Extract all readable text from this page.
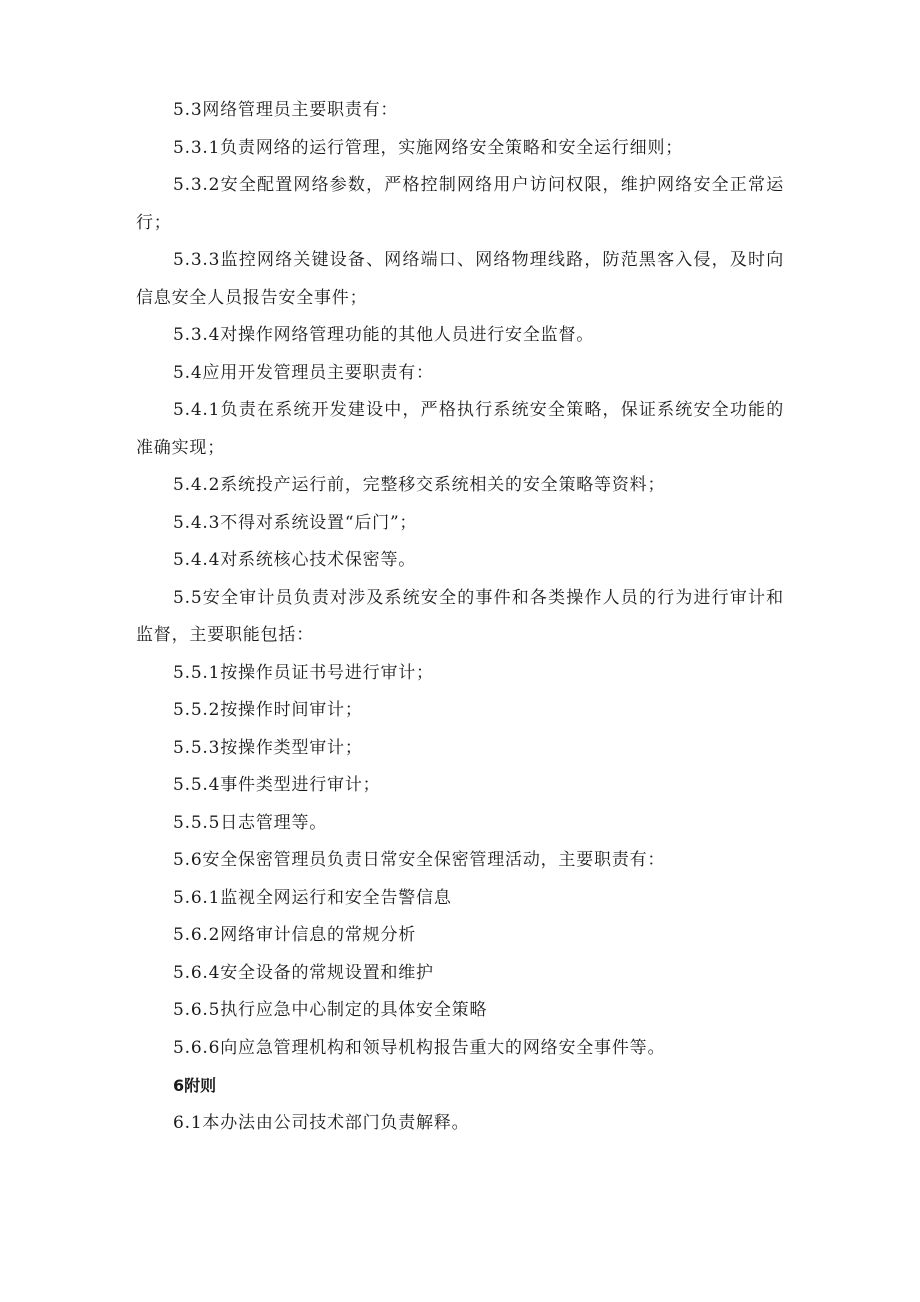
5.3网络管理员主要职责有：

5.3.1负责网络的运行管理，实施网络安全策略和安全运行细则；

5.3.2安全配置网络参数，严格控制网络用户访问权限，维护网络安全正常运行；

5.3.3监控网络关键设备、网络端口、网络物理线路，防范黑客入侵，及时向信息安全人员报告安全事件；

5.3.4对操作网络管理功能的其他人员进行安全监督。

5.4应用开发管理员主要职责有：

5.4.1负责在系统开发建设中，严格执行系统安全策略，保证系统安全功能的准确实现；

5.4.2系统投产运行前，完整移交系统相关的安全策略等资料；

5.4.3不得对系统设置“后门”；

5.4.4对系统核心技术保密等。

5.5安全审计员负责对涉及系统安全的事件和各类操作人员的行为进行审计和监督，主要职能包括：

5.5.1按操作员证书号进行审计；

5.5.2按操作时间审计；

5.5.3按操作类型审计；

5.5.4事件类型进行审计；

5.5.5日志管理等。

5.6安全保密管理员负责日常安全保密管理活动，主要职责有：

5.6.1监视全网运行和安全告警信息

5.6.2网络审计信息的常规分析

5.6.4安全设备的常规设置和维护

5.6.5执行应急中心制定的具体安全策略

5.6.6向应急管理机构和领导机构报告重大的网络安全事件等。

6附则

6.1本办法由公司技术部门负责解释。
